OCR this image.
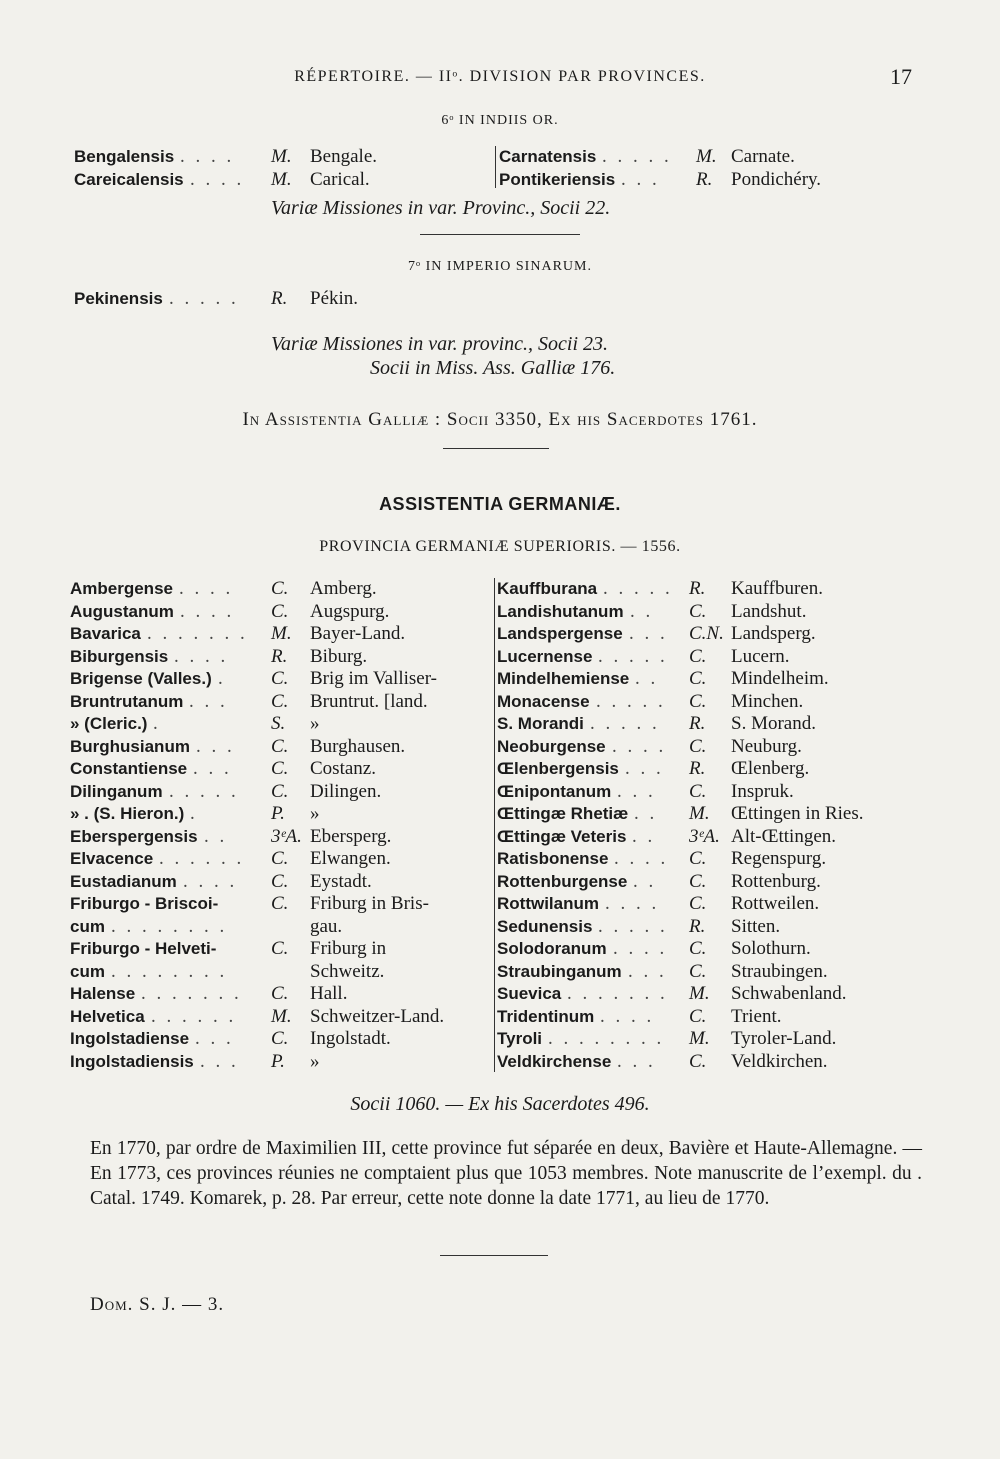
RÉPERTOIRE. — IIᵒ. DIVISION PAR PROVINCES.	17
6ᵒ IN INDIIS OR.
Bengalensis . . . . M. Bengale.
Careicalensis . . . . M. Carical.
Carnatensis . . . . . M. Carnate.
Pontikeriensis . . . R. Pondichéry.
Variæ Missiones in var. Provinc., Socii 22.
7ᵒ IN IMPERIO SINARUM.
Pekinensis . . . . . R. Pékin.
Variæ Missiones in var. provinc., Socii 23.
Socii in Miss. Ass. Galliæ 176.
In Assistentia Galliæ : Socii 3350, Ex his Sacerdotes 1761.
ASSISTENTIA GERMANIÆ.
PROVINCIA GERMANIÆ SUPERIORIS. — 1556.
Ambergense . . . . C. Amberg.
Augustanum . . . . C. Augspurg.
Bavarica . . . . . . . M. Bayer-Land.
Biburgensis . . . . R. Biburg.
Brigense (Valles.) . C. Brig im Valliser-
Bruntrutanum . . . C. Bruntrut. [land.
» (Cleric.) .	S. »
Burghusianum . . . C. Burghausen.
Constantiense . . . C. Costanz.
Dilinganum . . . . . C. Dilingen.
» . (S. Hieron.) .	P. »
Eberspergensis . . 3ᵉA. Ebersperg.
Elvacence . . . . . . C. Elwangen.
Eustadianum . . . . C. Eystadt.
Friburgo - Briscoi-	C. Friburg in Bris-
cum . . . . . . . .	gau.
Friburgo - Helveti-	C. Friburg in
cum . . . . . . . .	Schweitz.
Halense . . . . . . . C. Hall.
Helvetica . . . . . . M. Schweitzer-Land.
Ingolstadiense . . . C. Ingolstadt.
Ingolstadiensis . . . P. »
Kauffburana . . . . . R. Kauffburen.
Landishutanum . . C. Landshut.
Landspergense . . . C.N. Landsperg.
Lucernense . . . . . C. Lucern.
Mindelhemiense . . C. Mindelheim.
Monacense . . . . . C. Minchen.
S. Morandi . . . . . R. S. Morand.
Neoburgense . . . . C. Neuburg.
Œlenbergensis . . . R. Œlenberg.
Œnipontanum . . . C. Inspruk.
Œttingæ Rhetiæ . . M. Œttingen in Ries.
Œttingæ Veteris . . 3ᵉA. Alt-Œttingen.
Ratisbonense . . . . C. Regenspurg.
Rottenburgense . . C. Rottenburg.
Rottwilanum . . . . C. Rottweilen.
Sedunensis . . . . . R. Sitten.
Solodoranum . . . . C. Solothurn.
Straubinganum . . . C. Straubingen.
Suevica . . . . . . . M. Schwabenland.
Tridentinum . . . . C. Trient.
Tyroli . . . . . . . . M. Tyroler-Land.
Veldkirchense . . . C. Veldkirchen.
Socii 1060. — Ex his Sacerdotes 496.
En 1770, par ordre de Maximilien III, cette province fut séparée en deux, Bavière et Haute-Allemagne. — En 1773, ces provinces réunies ne comptaient plus que 1053 membres. Note manuscrite de l’exempl. du . Catal. 1749. Komarek, p. 28. Par erreur, cette note donne la date 1771, au lieu de 1770.
Dom. S. J. — 3.
